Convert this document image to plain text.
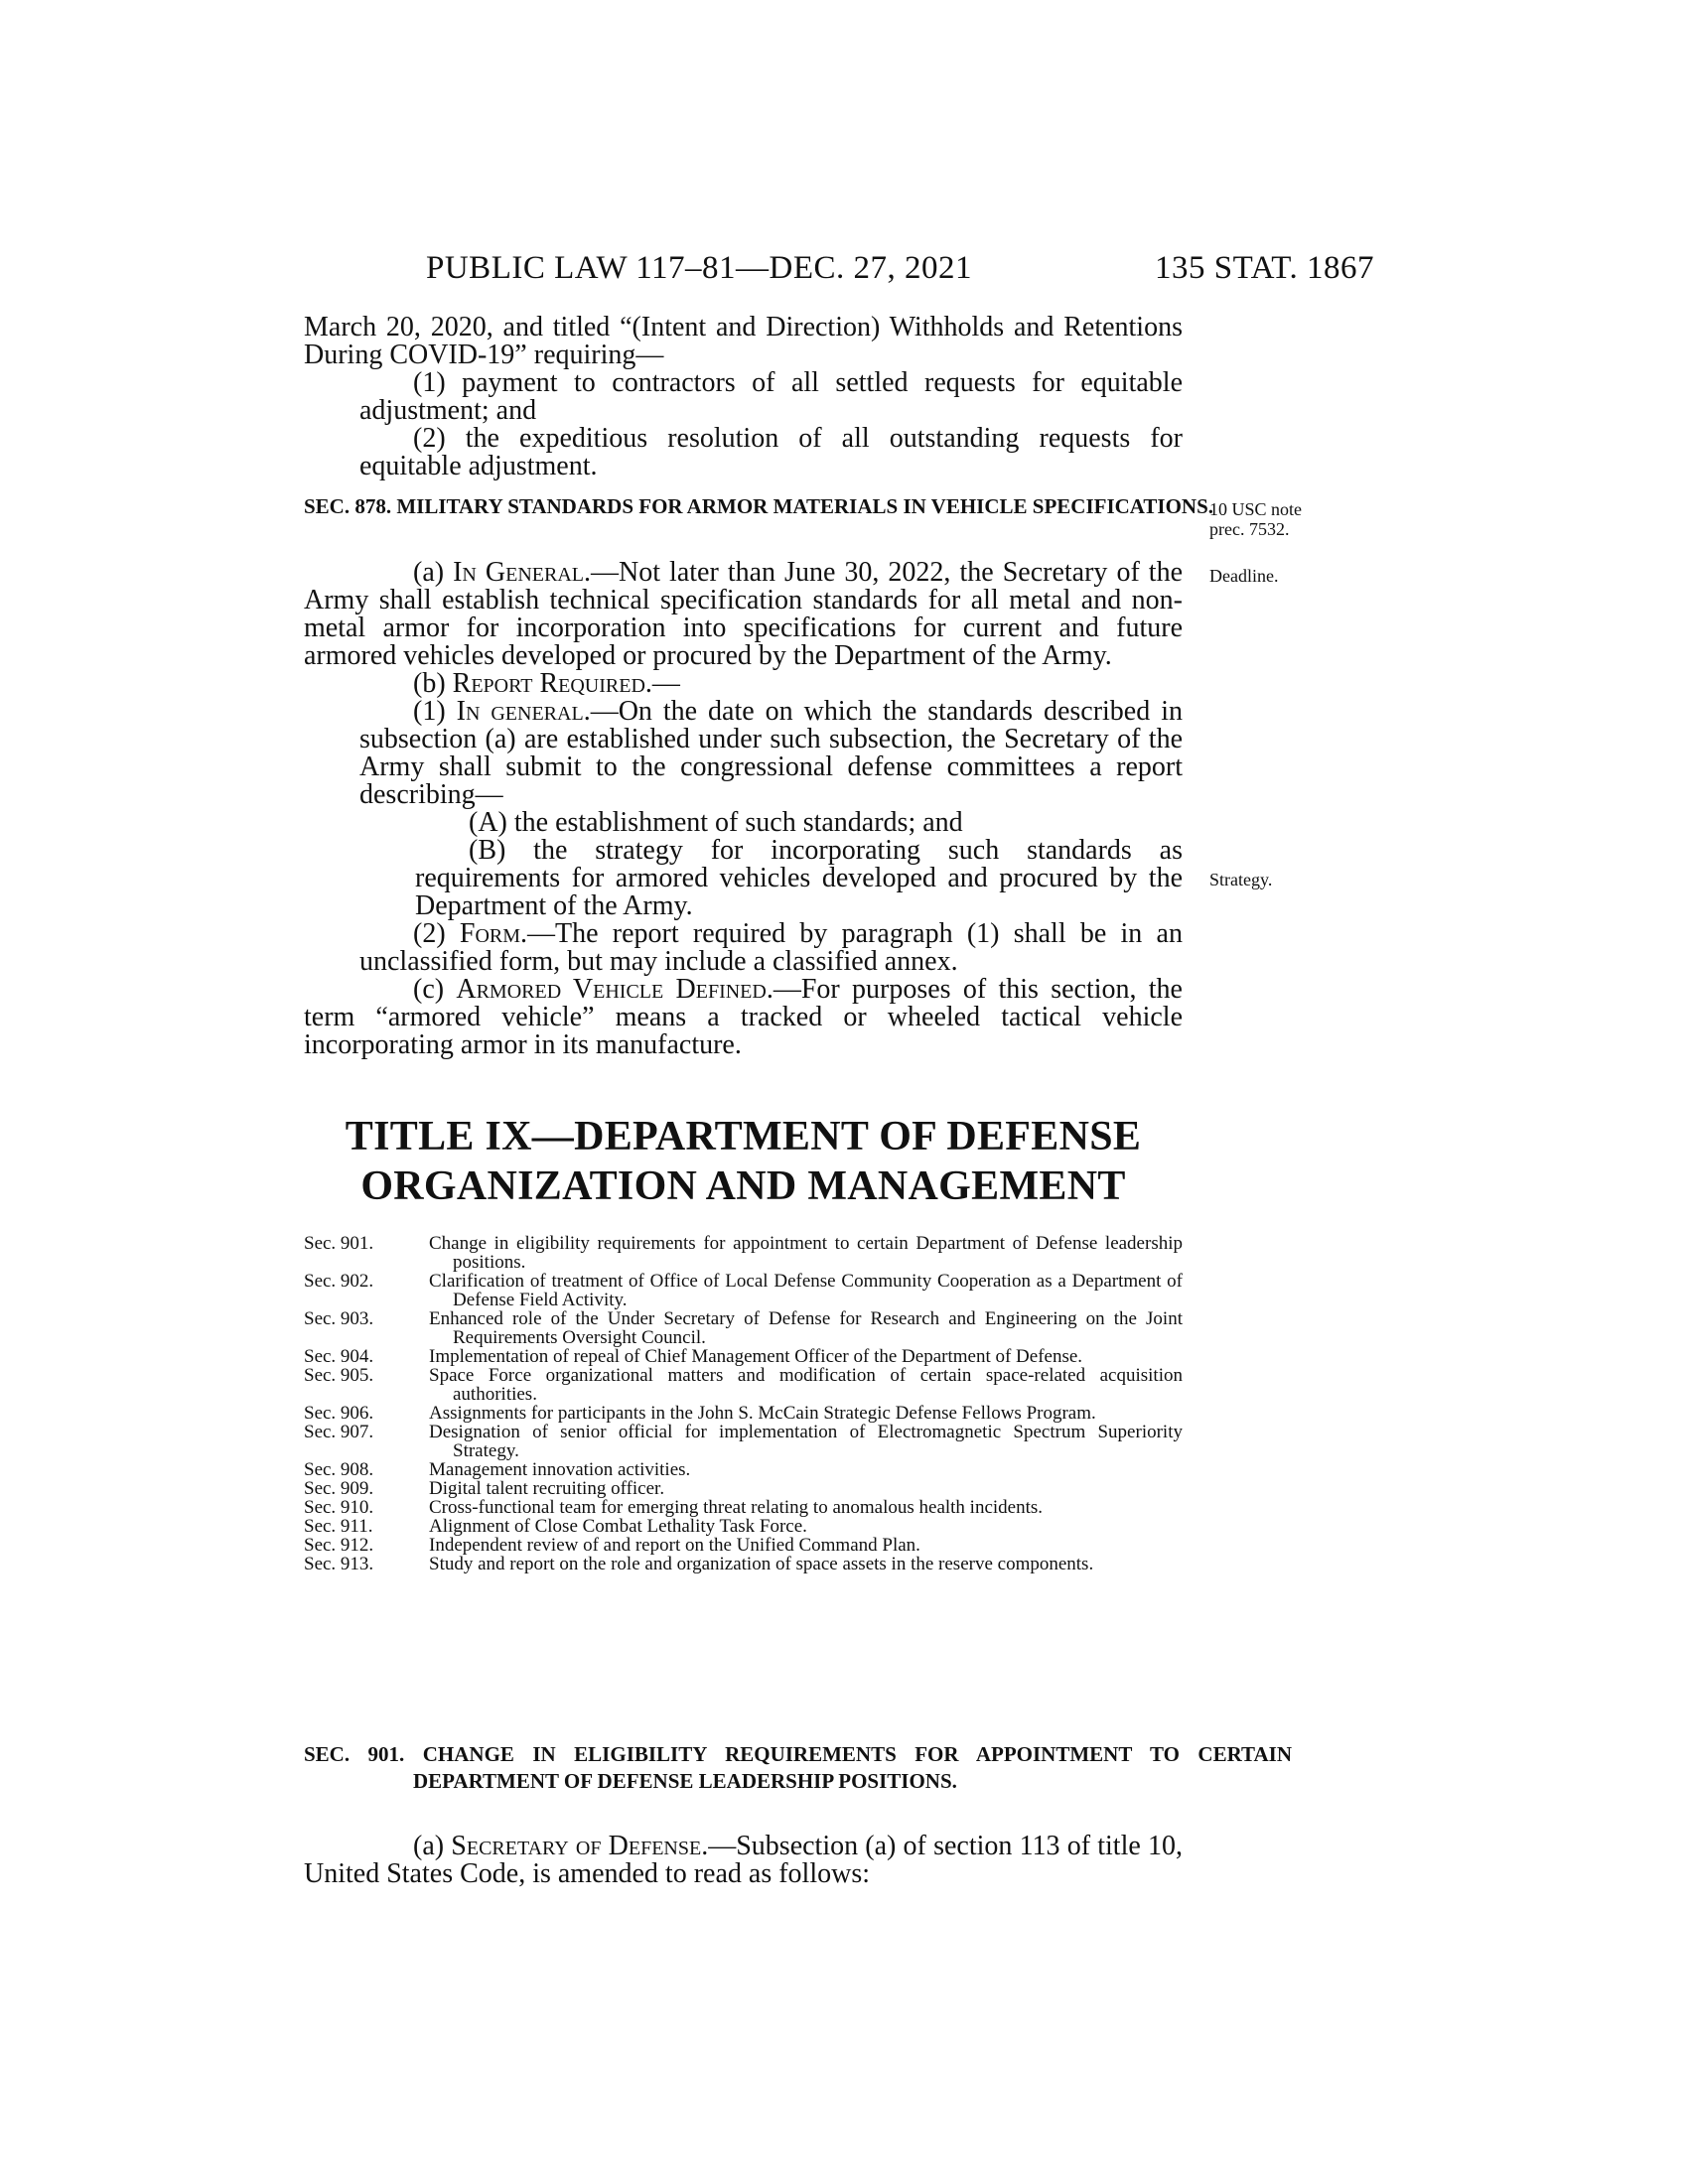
PUBLIC LAW 117–81—DEC. 27, 2021	135 STAT. 1867

March 20, 2020, and titled “(Intent and Direction) Withholds and Retentions During COVID-19” requiring—

(1) payment to contractors of all settled requests for equitable adjustment; and

(2) the expeditious resolution of all outstanding requests for equitable adjustment.

SEC. 878. MILITARY STANDARDS FOR ARMOR MATERIALS IN VEHICLE SPECIFICATIONS.
10 USC note prec. 7532.

(a) In General.—Not later than June 30, 2022, the Secretary of the Army shall establish technical specification standards for all metal and non-metal armor for incorporation into specifications for current and future armored vehicles developed or procured by the Department of the Army.

(b) Report Required.—

(1) In general.—On the date on which the standards described in subsection (a) are established under such subsection, the Secretary of the Army shall submit to the congressional defense committees a report describing—

(A) the establishment of such standards; and

(B) the strategy for incorporating such standards as requirements for armored vehicles developed and procured by the Department of the Army.

(2) Form.—The report required by paragraph (1) shall be in an unclassified form, but may include a classified annex.

(c) Armored Vehicle Defined.—For purposes of this section, the term “armored vehicle” means a tracked or wheeled tactical vehicle incorporating armor in its manufacture.

Deadline.
Strategy.
TITLE IX—DEPARTMENT OF DEFENSE
ORGANIZATION AND MANAGEMENT
Sec. 901.	Change in eligibility requirements for appointment to certain Department of Defense leadership positions.
Sec. 902.	Clarification of treatment of Office of Local Defense Community Cooperation as a Department of Defense Field Activity.
Sec. 903.	Enhanced role of the Under Secretary of Defense for Research and Engineering on the Joint Requirements Oversight Council.
Sec. 904.	Implementation of repeal of Chief Management Officer of the Department of Defense.
Sec. 905.	Space Force organizational matters and modification of certain space-related acquisition authorities.
Sec. 906.	Assignments for participants in the John S. McCain Strategic Defense Fellows Program.
Sec. 907.	Designation of senior official for implementation of Electromagnetic Spectrum Superiority Strategy.
Sec. 908.	Management innovation activities.
Sec. 909.	Digital talent recruiting officer.
Sec. 910.	Cross-functional team for emerging threat relating to anomalous health incidents.
Sec. 911.	Alignment of Close Combat Lethality Task Force.
Sec. 912.	Independent review of and report on the Unified Command Plan.
Sec. 913.	Study and report on the role and organization of space assets in the reserve components.
SEC. 901. CHANGE IN ELIGIBILITY REQUIREMENTS FOR APPOINTMENT TO CERTAIN DEPARTMENT OF DEFENSE LEADERSHIP POSITIONS.

(a) Secretary of Defense.—Subsection (a) of section 113 of title 10, United States Code, is amended to read as follows:
